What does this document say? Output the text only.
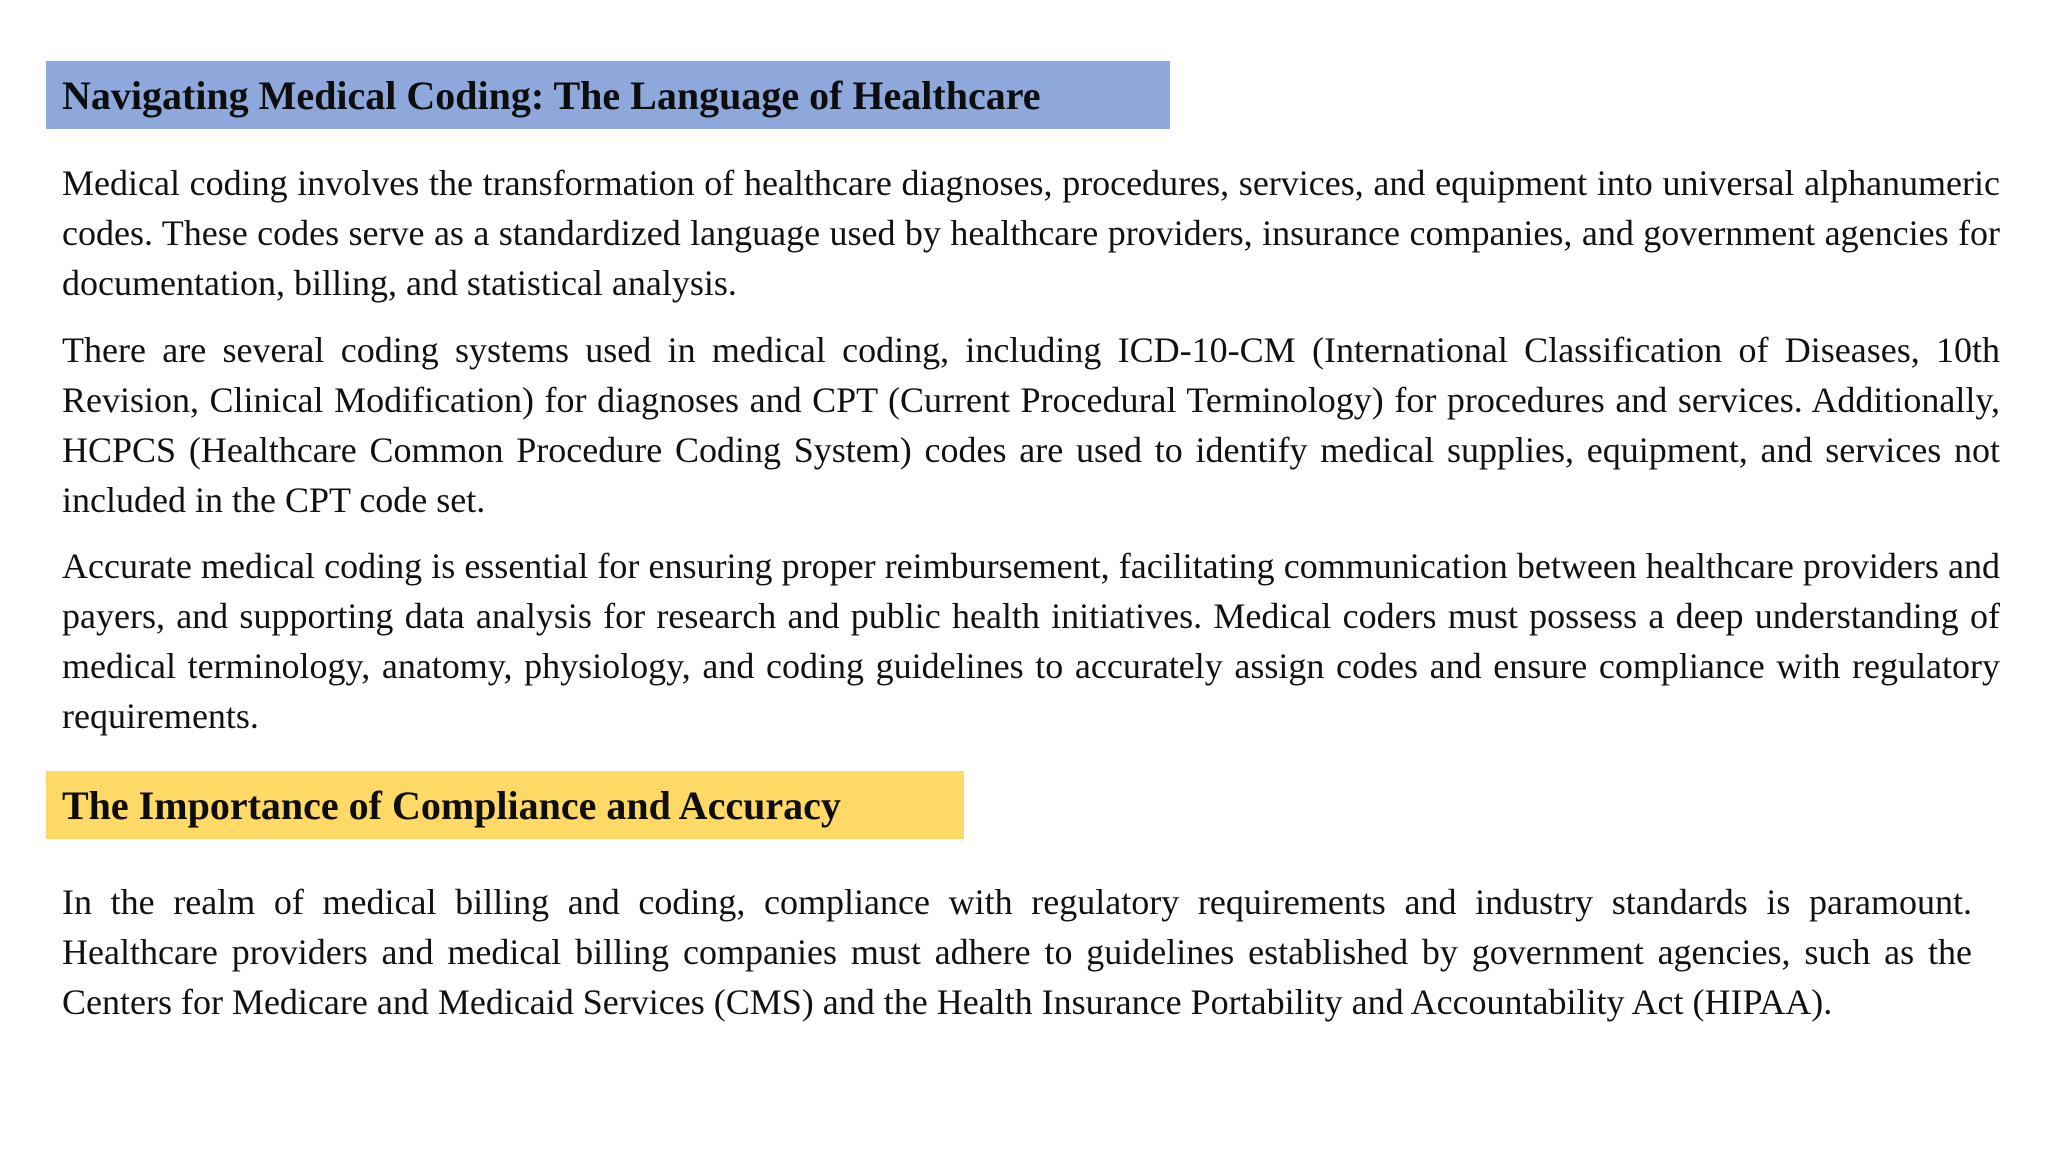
Navigating Medical Coding: The Language of Healthcare

Medical coding involves the transformation of healthcare diagnoses, procedures, services, and equipment into universal alphanumeric codes. These codes serve as a standardized language used by healthcare providers, insurance companies, and government agencies for documentation, billing, and statistical analysis.

There are several coding systems used in medical coding, including ICD-10-CM (International Classification of Diseases, 10th Revision, Clinical Modification) for diagnoses and CPT (Current Procedural Terminology) for procedures and services. Additionally, HCPCS (Healthcare Common Procedure Coding System) codes are used to identify medical supplies, equipment, and services not included in the CPT code set.

Accurate medical coding is essential for ensuring proper reimbursement, facilitating communication between healthcare providers and payers, and supporting data analysis for research and public health initiatives. Medical coders must possess a deep understanding of medical terminology, anatomy, physiology, and coding guidelines to accurately assign codes and ensure compliance with regulatory requirements.

The Importance of Compliance and Accuracy

In the realm of medical billing and coding, compliance with regulatory requirements and industry standards is paramount. Healthcare providers and medical billing companies must adhere to guidelines established by government agencies, such as the Centers for Medicare and Medicaid Services (CMS) and the Health Insurance Portability and Accountability Act (HIPAA).
